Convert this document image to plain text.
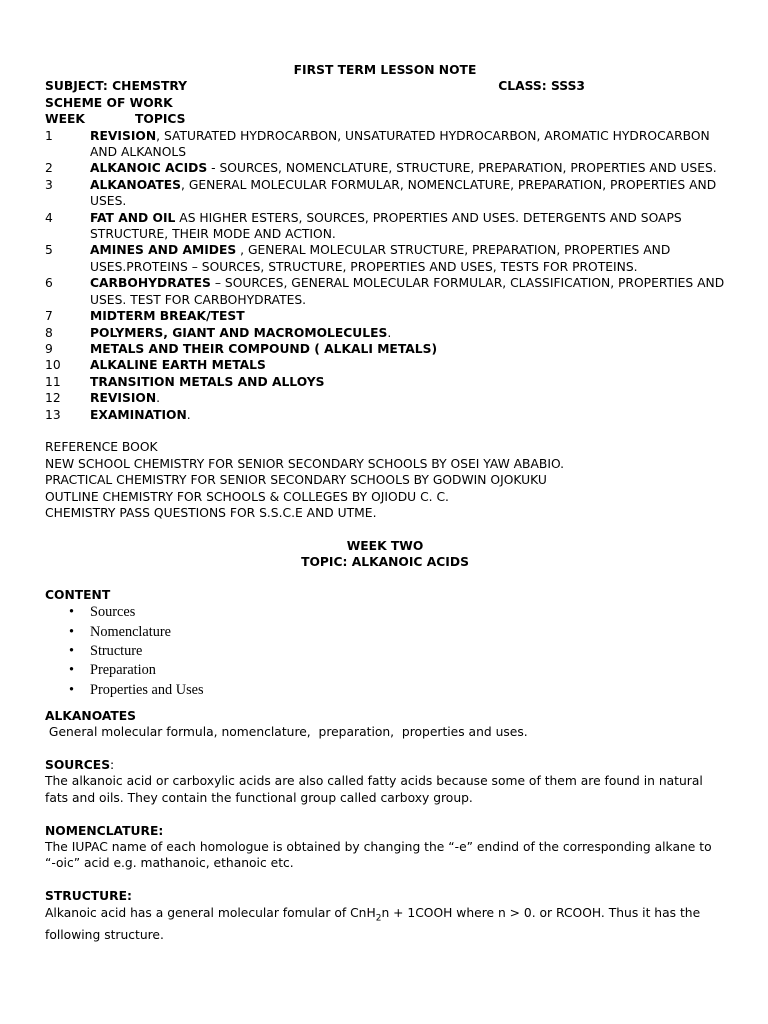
FIRST TERM LESSON NOTE
SUBJECT: CHEMSTRY	CLASS: SSS3
SCHEME OF WORK
WEEK	TOPICS
1	REVISION, SATURATED HYDROCARBON, UNSATURATED HYDROCARBON, AROMATIC HYDROCARBON AND ALKANOLS
2	ALKANOIC ACIDS - SOURCES, NOMENCLATURE, STRUCTURE, PREPARATION, PROPERTIES AND USES.
3	ALKANOATES, GENERAL MOLECULAR FORMULAR, NOMENCLATURE, PREPARATION, PROPERTIES AND USES.
4	FAT AND OIL AS HIGHER ESTERS, SOURCES, PROPERTIES AND USES. DETERGENTS AND SOAPS STRUCTURE, THEIR MODE AND ACTION.
5	AMINES AND AMIDES , GENERAL MOLECULAR STRUCTURE, PREPARATION, PROPERTIES AND USES.PROTEINS – SOURCES, STRUCTURE, PROPERTIES AND USES, TESTS FOR PROTEINS.
6	CARBOHYDRATES – SOURCES, GENERAL MOLECULAR FORMULAR, CLASSIFICATION, PROPERTIES AND USES. TEST FOR CARBOHYDRATES.
7	MIDTERM BREAK/TEST
8	POLYMERS, GIANT AND MACROMOLECULES.
9	METALS AND THEIR COMPOUND ( ALKALI METALS)
10	ALKALINE EARTH METALS
11	TRANSITION METALS AND ALLOYS
12	REVISION.
13	EXAMINATION.
REFERENCE BOOK
NEW SCHOOL CHEMISTRY FOR SENIOR SECONDARY SCHOOLS BY OSEI YAW ABABIO.
PRACTICAL CHEMISTRY FOR SENIOR SECONDARY SCHOOLS BY GODWIN OJOKUKU
OUTLINE CHEMISTRY FOR SCHOOLS & COLLEGES BY OJIODU C. C.
CHEMISTRY PASS QUESTIONS FOR S.S.C.E AND UTME.
WEEK TWO
TOPIC: ALKANOIC ACIDS
CONTENT
•	Sources
•	Nomenclature
•	Structure
•	Preparation
•	Properties and Uses
ALKANOATES
General molecular formula, nomenclature,  preparation,  properties and uses.
SOURCES:
The alkanoic acid or carboxylic acids are also called fatty acids because some of them are found in natural fats and oils. They contain the functional group called carboxy group.
NOMENCLATURE:
The IUPAC name of each homologue is obtained by changing the “-e” endind of the corresponding alkane to “-oic” acid e.g. mathanoic, ethanoic etc.
STRUCTURE:
Alkanoic acid has a general molecular fomular of CnH$_2$n + 1COOH where n > 0. or RCOOH. Thus it has the following structure.
